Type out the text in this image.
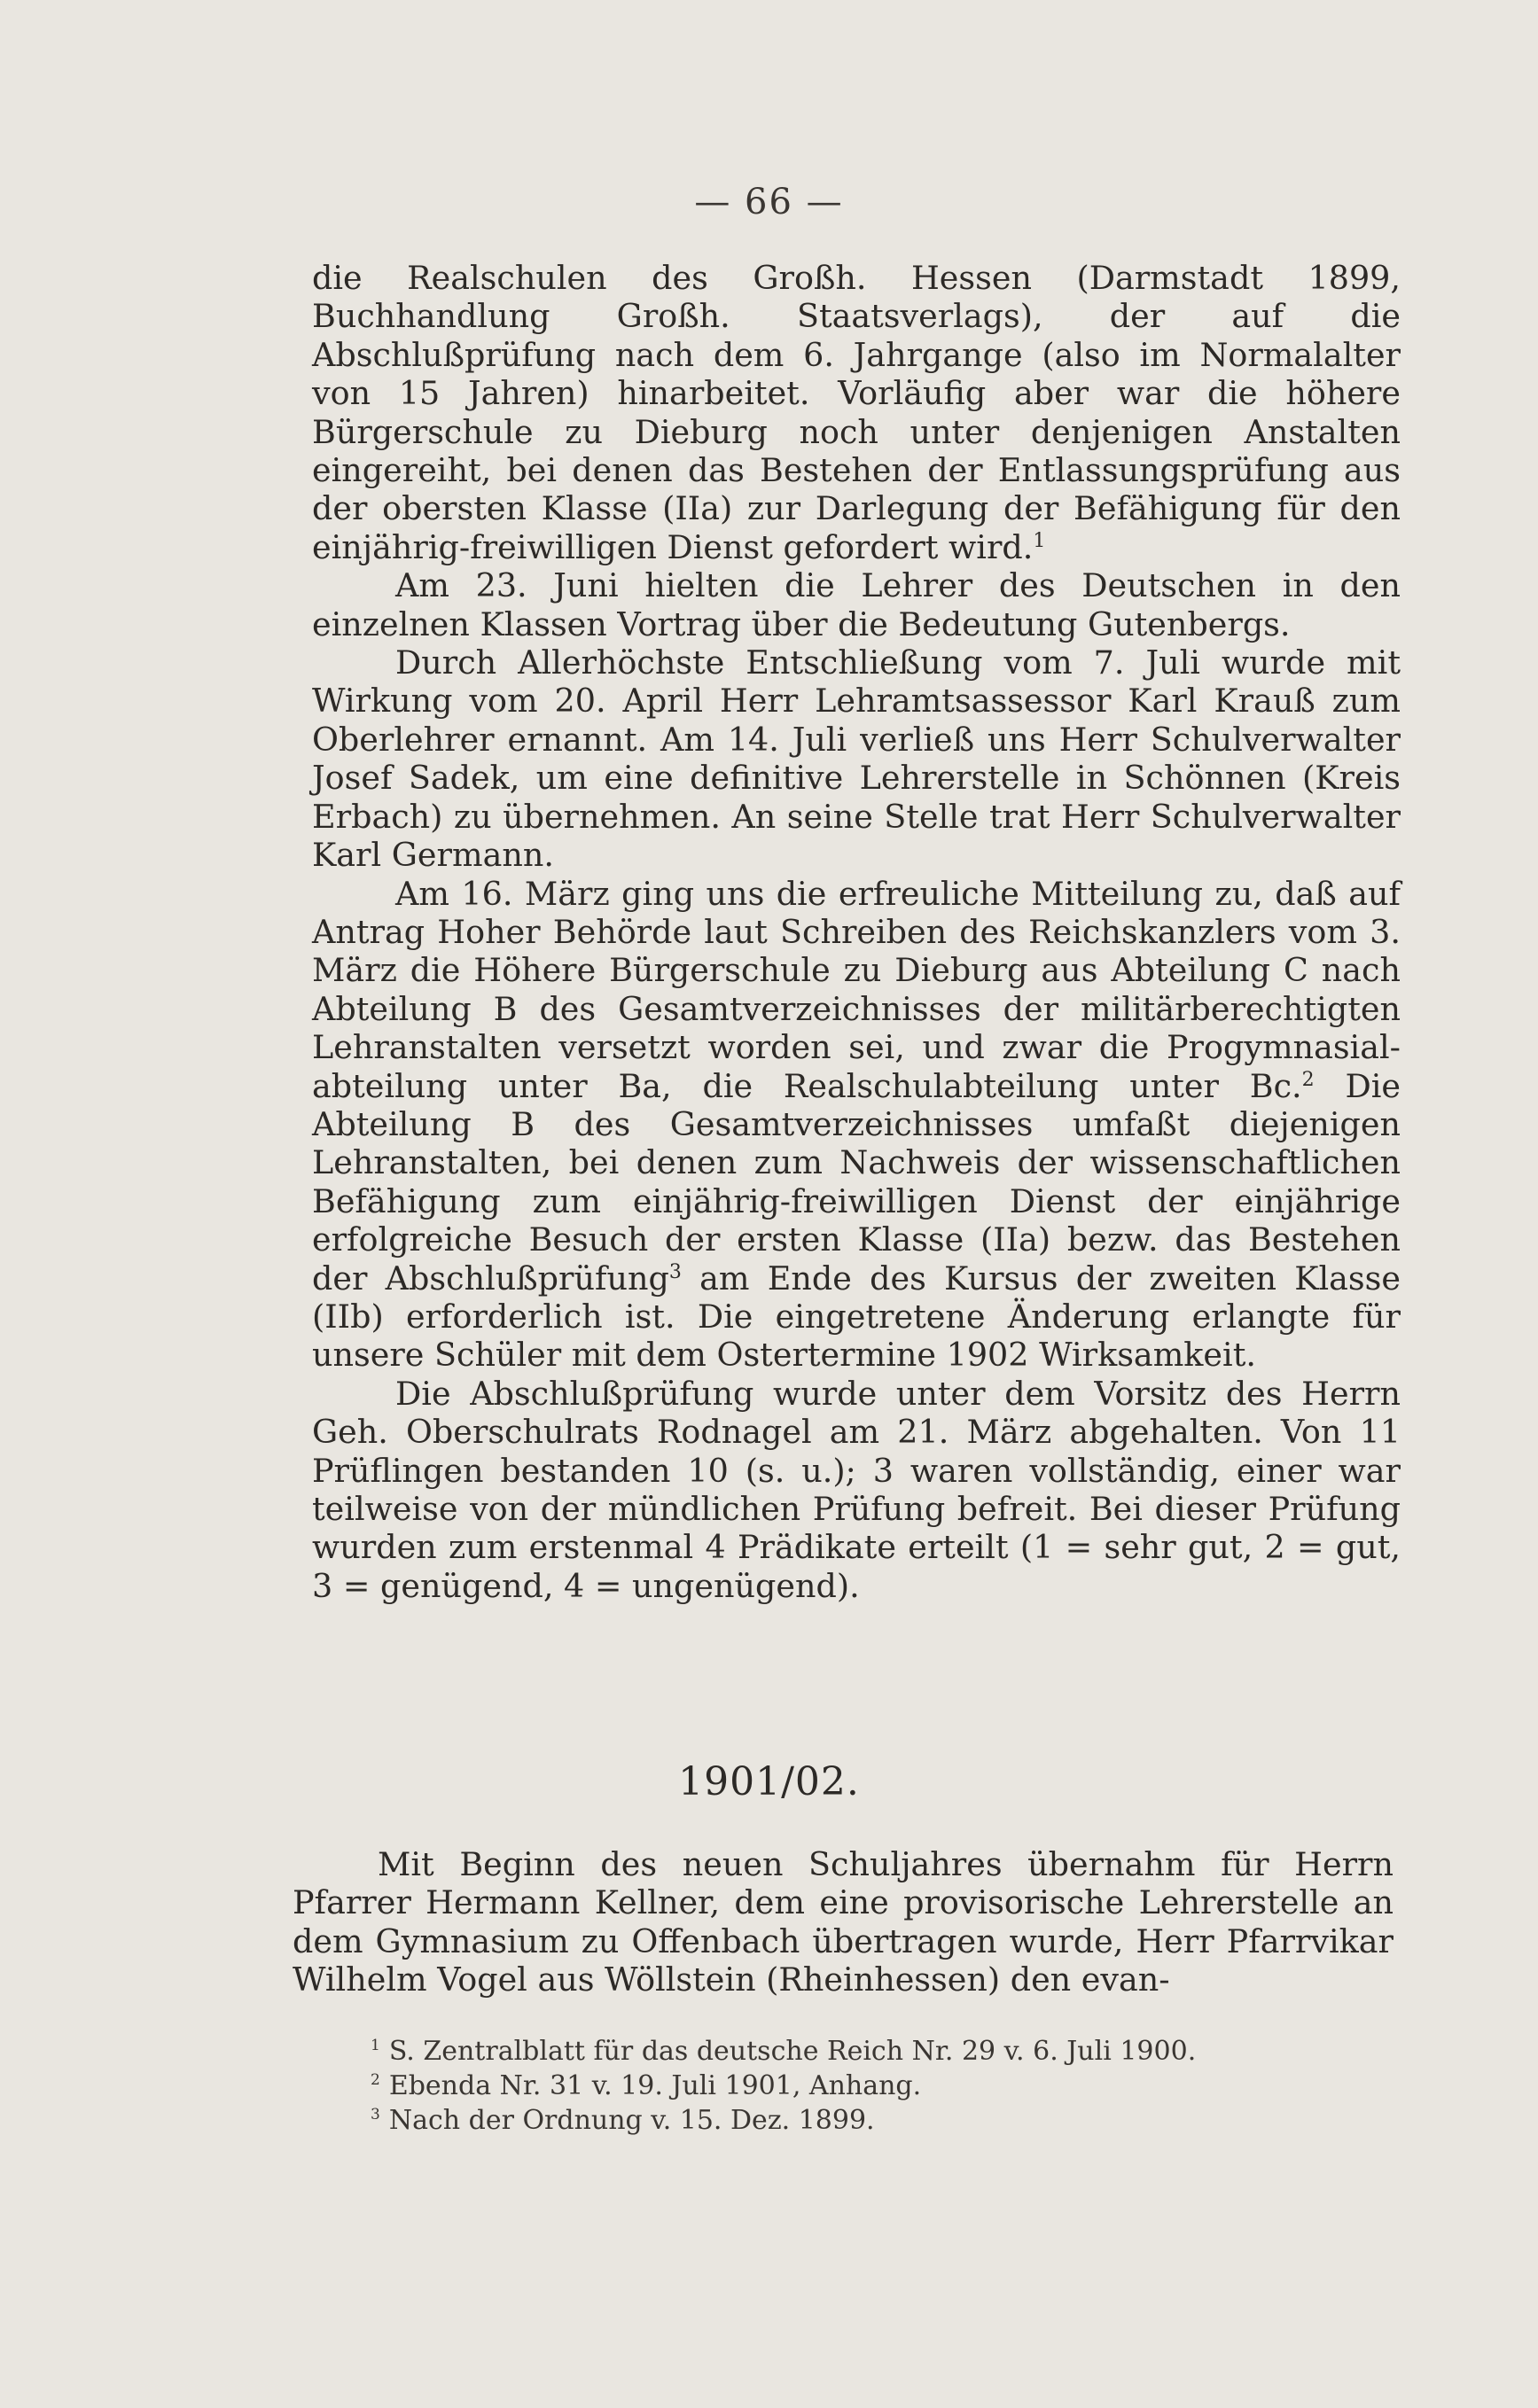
— 66 —

die Realschulen des Großh. Hessen (Darmstadt 1899, Buchhandlung Großh. Staatsverlags), der auf die Abschlußprüfung nach dem 6. Jahrgange (also im Normalalter von 15 Jahren) hinarbeitet. Vorläufig aber war die höhere Bürgerschule zu Dieburg noch unter denjenigen Anstalten eingereiht, bei denen das Bestehen der Entlassungsprüfung aus der obersten Klasse (IIa) zur Darlegung der Befähigung für den einjährig-freiwilligen Dienst gefordert wird.$^1$

Am 23. Juni hielten die Lehrer des Deutschen in den einzelnen Klassen Vortrag über die Bedeutung Gutenbergs.

Durch Allerhöchste Entschließung vom 7. Juli wurde mit Wirkung vom 20. April Herr Lehramtsassessor Karl Krauß zum Oberlehrer ernannt. Am 14. Juli verließ uns Herr Schulverwalter Josef Sadek, um eine definitive Lehrerstelle in Schönnen (Kreis Erbach) zu übernehmen. An seine Stelle trat Herr Schulverwalter Karl Germann.

Am 16. März ging uns die erfreuliche Mitteilung zu, daß auf Antrag Hoher Behörde laut Schreiben des Reichskanzlers vom 3. März die Höhere Bürgerschule zu Dieburg aus Abteilung C nach Abteilung B des Gesamtverzeichnisses der militärberechtigten Lehranstalten versetzt worden sei, und zwar die Progymnasial-abteilung unter Ba, die Realschulabteilung unter Bc.$^2$ Die Abteilung B des Gesamtverzeichnisses umfaßt diejenigen Lehranstalten, bei denen zum Nachweis der wissenschaftlichen Befähigung zum einjährig-freiwilligen Dienst der einjährige erfolgreiche Besuch der ersten Klasse (IIa) bezw. das Bestehen der Abschlußprüfung$^3$ am Ende des Kursus der zweiten Klasse (IIb) erforderlich ist. Die eingetretene Änderung erlangte für unsere Schüler mit dem Ostertermine 1902 Wirksamkeit.

Die Abschlußprüfung wurde unter dem Vorsitz des Herrn Geh. Oberschulrats Rodnagel am 21. März abgehalten. Von 11 Prüflingen bestanden 10 (s. u.); 3 waren vollständig, einer war teilweise von der mündlichen Prüfung befreit. Bei dieser Prüfung wurden zum erstenmal 4 Prädikate erteilt (1 = sehr gut, 2 = gut, 3 = genügend, 4 = ungenügend).

1901/02.

Mit Beginn des neuen Schuljahres übernahm für Herrn Pfarrer Hermann Kellner, dem eine provisorische Lehrerstelle an dem Gymnasium zu Offenbach übertragen wurde, Herr Pfarrvikar Wilhelm Vogel aus Wöllstein (Rheinhessen) den evan-

$^1$ S. Zentralblatt für das deutsche Reich Nr. 29 v. 6. Juli 1900.
$^2$ Ebenda Nr. 31 v. 19. Juli 1901, Anhang.
$^3$ Nach der Ordnung v. 15. Dez. 1899.
